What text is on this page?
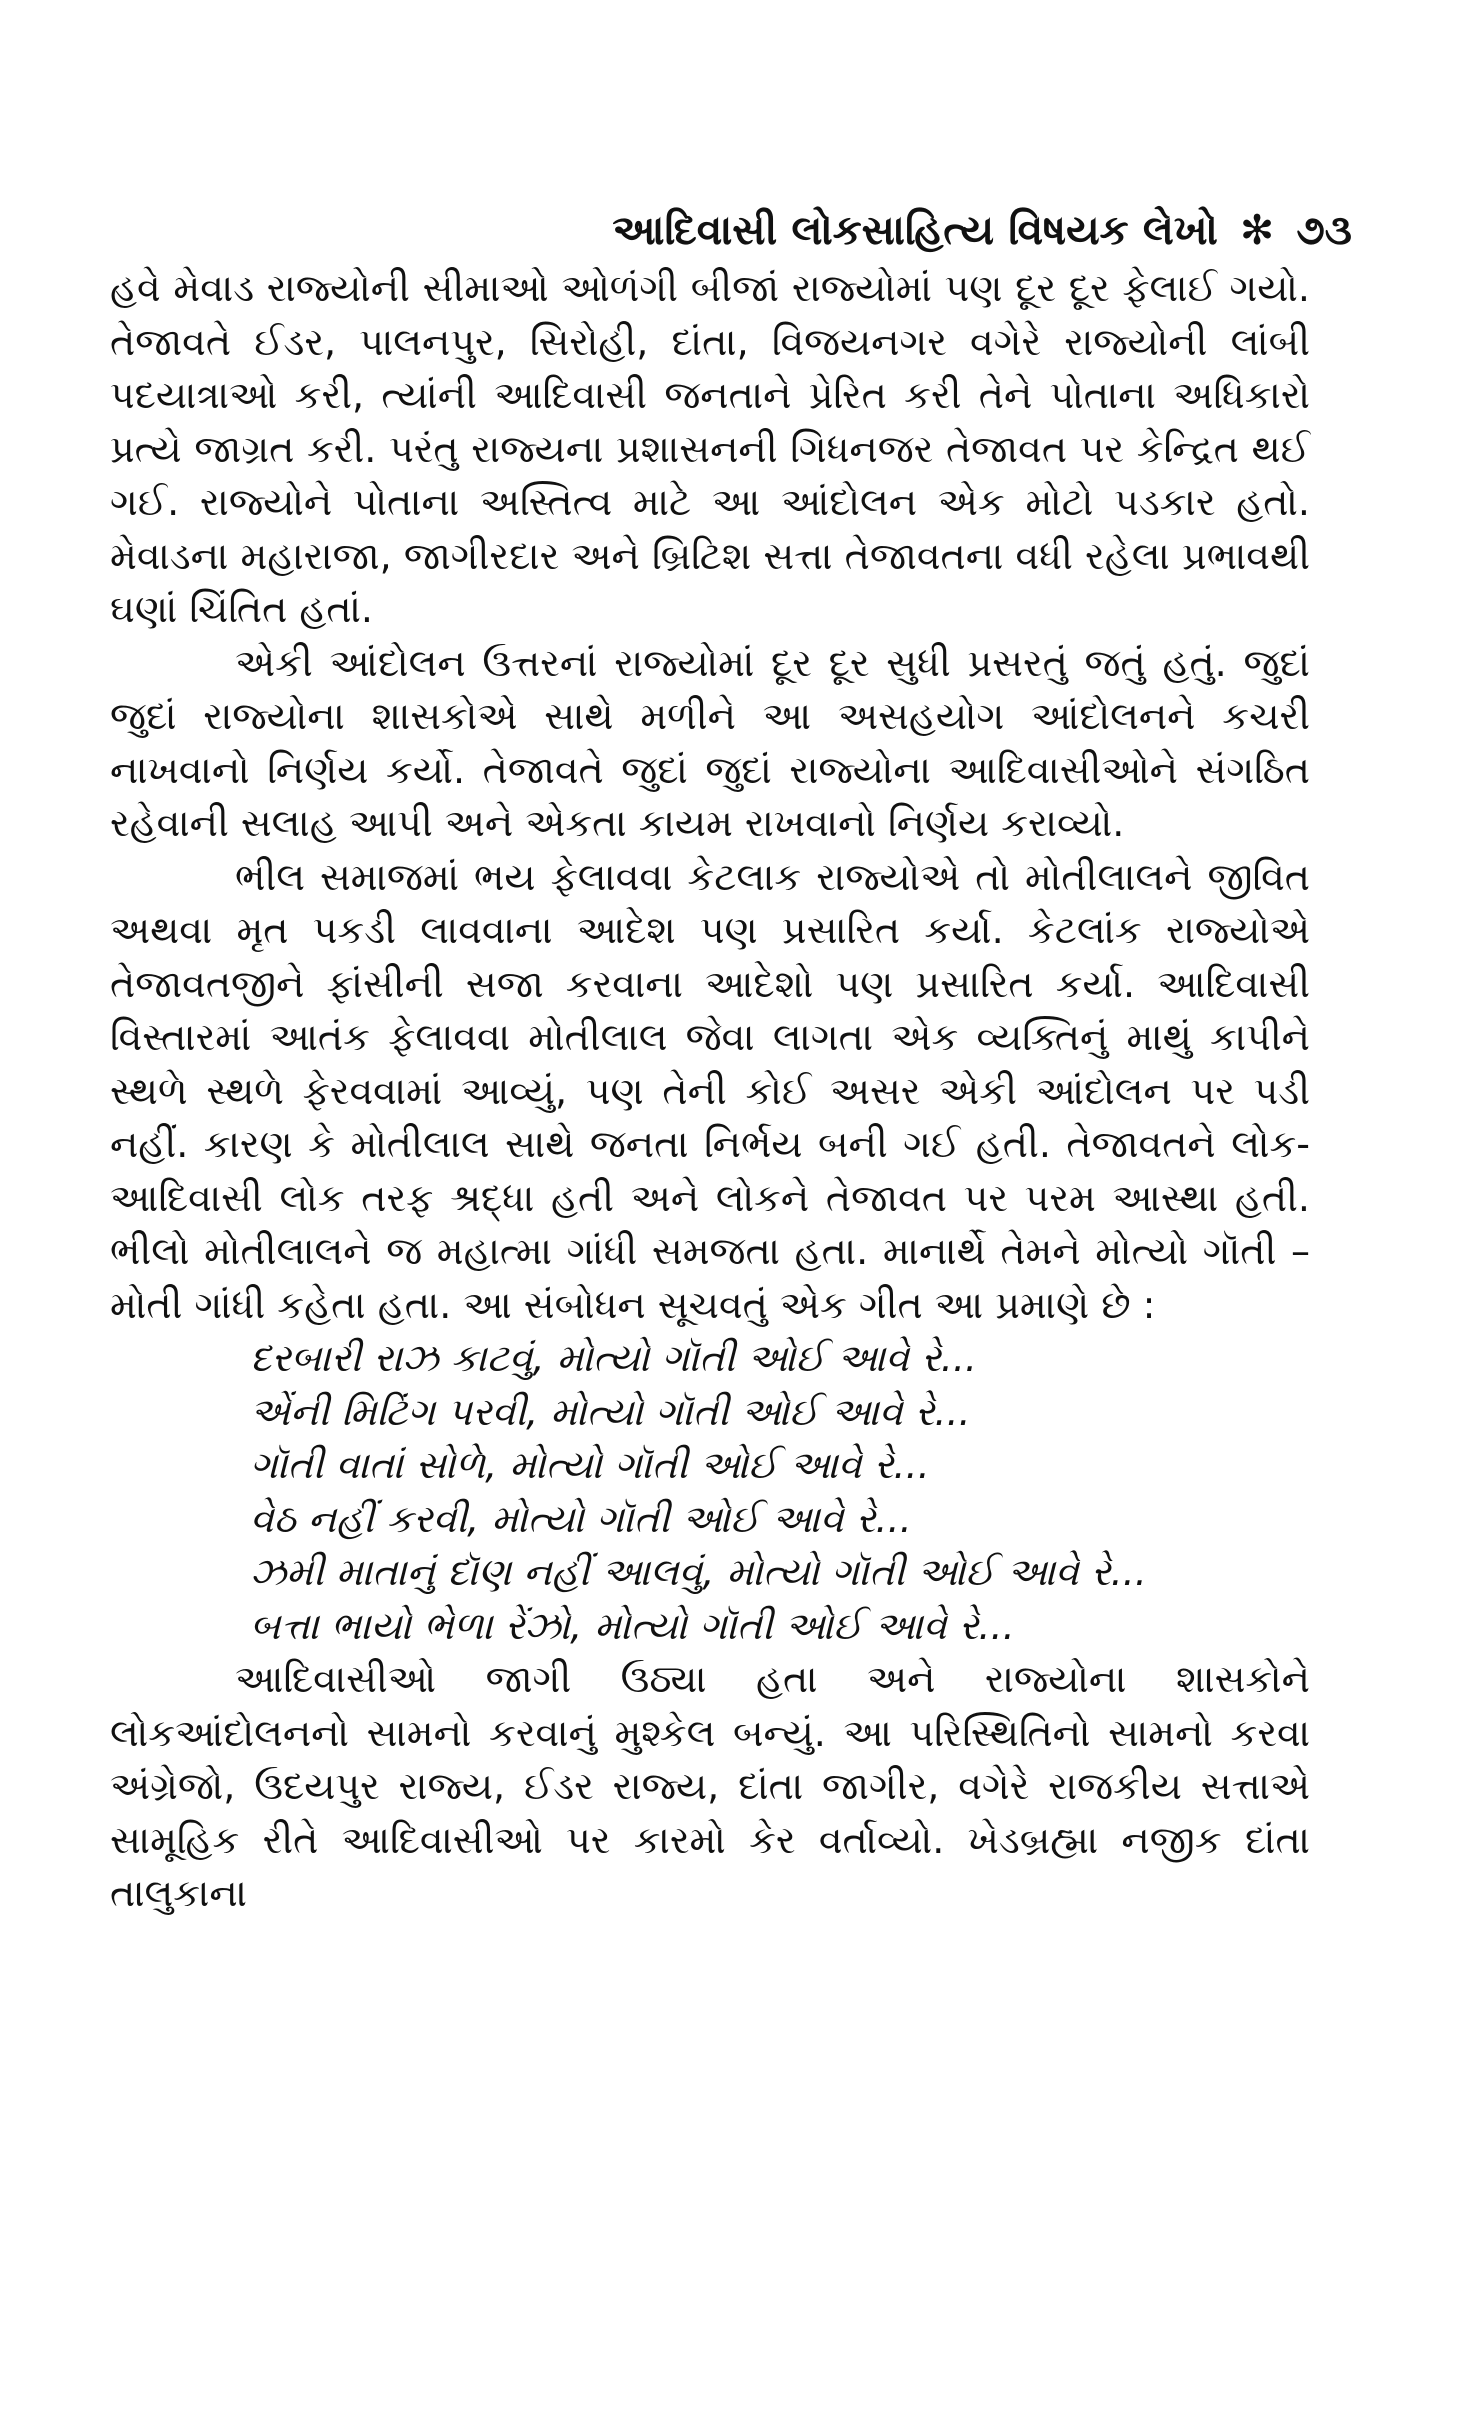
આદિવાસી લોકસાહિત્ય વિષયક લેખો ✻ ૭૩

હવે મેવાડ રાજ્યોની સીમાઓ ઓળંગી બીજાં રાજ્યોમાં પણ દૂર દૂર ફેલાઈ ગયો. તેજાવતે ઈડર, પાલનપુર, સિરોહી, દાંતા, વિજયનગર વગેરે રાજ્યોની લાંબી પદયાત્રાઓ કરી, ત્યાંની આદિવાસી જનતાને પ્રેરિત કરી તેને પોતાના અધિકારો પ્રત્યે જાગ્રત કરી. પરંતુ રાજ્યના પ્રશાસનની ગિધનજર તેજાવત પર કેન્દ્રિત થઈ ગઈ. રાજ્યોને પોતાના અસ્તિત્વ માટે આ આંદોલન એક મોટો પડકાર હતો. મેવાડના મહારાજા, જાગીરદાર અને બ્રિટિશ સત્તા તેજાવતના વધી રહેલા પ્રભાવથી ઘણાં ચિંતિત હતાં.

એકી આંદોલન ઉત્તરનાં રાજ્યોમાં દૂર દૂર સુધી પ્રસરતું જતું હતું. જુદાં જુદાં રાજ્યોના શાસકોએ સાથે મળીને આ અસહયોગ આંદોલનને કચરી નાખવાનો નિર્ણય કર્યો. તેજાવતે જુદાં જુદાં રાજ્યોના આદિવાસીઓને સંગઠિત રહેવાની સલાહ આપી અને એકતા કાયમ રાખવાનો નિર્ણય કરાવ્યો.

ભીલ સમાજમાં ભય ફેલાવવા કેટલાક રાજ્યોએ તો મોતીલાલને જીવિત અથવા મૃત પકડી લાવવાના આદેશ પણ પ્રસારિત કર્યા. કેટલાંક રાજ્યોએ તેજાવતજીને ફાંસીની સજા કરવાના આદેશો પણ પ્રસારિત કર્યા. આદિવાસી વિસ્તારમાં આતંક ફેલાવવા મોતીલાલ જેવા લાગતા એક વ્યક્તિનું માથું કાપીને સ્થળે સ્થળે ફેરવવામાં આવ્યું, પણ તેની કોઈ અસર એકી આંદોલન પર પડી નહીં. કારણ કે મોતીલાલ સાથે જનતા નિર્ભય બની ગઈ હતી. તેજાવતને લોક-આદિવાસી લોક તરફ શ્રદ્ધા હતી અને લોકને તેજાવત પર પરમ આસ્થા હતી. ભીલો મોતીલાલને જ મહાત્મા ગાંધી સમજતા હતા. માનાર્થે તેમને મોત્યો ગૉતી – મોતી ગાંધી કહેતા હતા. આ સંબોધન સૂચવતું એક ગીત આ પ્રમાણે છે :

દરબારી રાઝ કાટવું, મોત્યો ગૉતી ઓઈ આવે રે...
એંની મિટિંગ પરવી, મોત્યો ગૉતી ઓઈ આવે રે...
ગૉતી વાતાં સોળે, મોત્યો ગૉતી ઓઈ આવે રે...
વેઠ નહીં કરવી, મોત્યો ગૉતી ઓઈ આવે રે...
ઝમી માતાનું દૉણ નહીં આલવું, મોત્યો ગૉતી ઓઈ આવે રે...
બત્તા ભાયો ભેળા રેંઝો, મોત્યો ગૉતી ઓઈ આવે રે...

આદિવાસીઓ જાગી ઉઠ્યા હતા અને રાજ્યોના શાસકોને લોકઆંદોલનનો સામનો કરવાનું મુશ્કેલ બન્યું. આ પરિસ્થિતિનો સામનો કરવા અંગ્રેજો, ઉદયપુર રાજ્ય, ઈડર રાજ્ય, દાંતા જાગીર, વગેરે રાજકીય સત્તાએ સામૂહિક રીતે આદિવાસીઓ પર કારમો કેર વર્તાવ્યો. ખેડબ્રહ્મા નજીક દાંતા તાલુકાના
